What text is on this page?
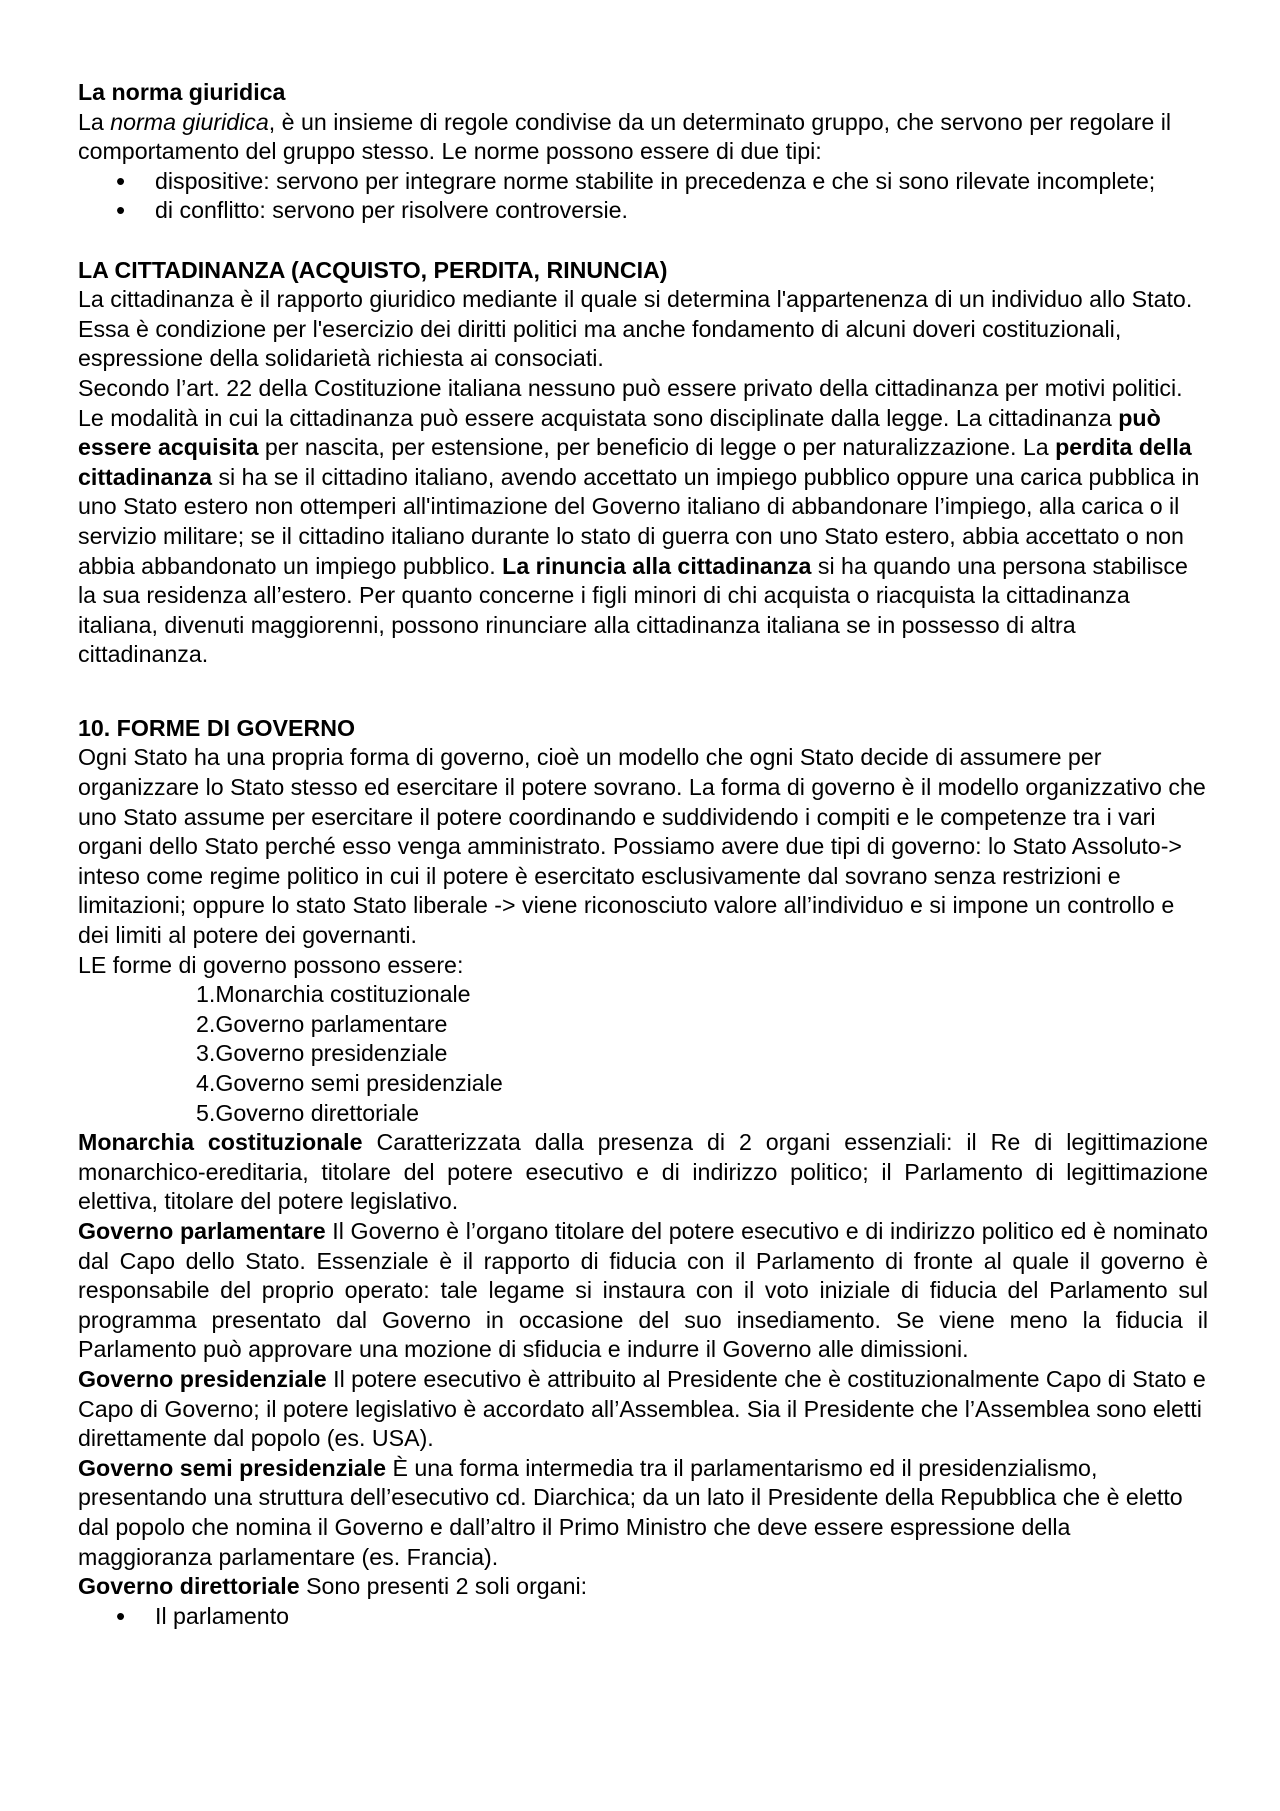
La norma giuridica

La norma giuridica, è un insieme di regole condivise da un determinato gruppo, che servono per regolare il comportamento del gruppo stesso. Le norme possono essere di due tipi:

• dispositive: servono per integrare norme stabilite in precedenza e che si sono rilevate incomplete;
• di conflitto: servono per risolvere controversie.

LA CITTADINANZA (ACQUISTO, PERDITA, RINUNCIA)

La cittadinanza è il rapporto giuridico mediante il quale si determina l'appartenenza di un individuo allo Stato. Essa è condizione per l'esercizio dei diritti politici ma anche fondamento di alcuni doveri costituzionali, espressione della solidarietà richiesta ai consociati.

Secondo l’art. 22 della Costituzione italiana nessuno può essere privato della cittadinanza per motivi politici. Le modalità in cui la cittadinanza può essere acquistata sono disciplinate dalla legge. La cittadinanza può essere acquisita per nascita, per estensione, per beneficio di legge o per naturalizzazione. La perdita della cittadinanza si ha se il cittadino italiano, avendo accettato un impiego pubblico oppure una carica pubblica in uno Stato estero non ottemperi all'intimazione del Governo italiano di abbandonare l’impiego, alla carica o il servizio militare; se il cittadino italiano durante lo stato di guerra con uno Stato estero, abbia accettato o non abbia abbandonato un impiego pubblico. La rinuncia alla cittadinanza si ha quando una persona stabilisce la sua residenza all’estero. Per quanto concerne i figli minori di chi acquista o riacquista la cittadinanza italiana, divenuti maggiorenni, possono rinunciare alla cittadinanza italiana se in possesso di altra cittadinanza.

10. FORME DI GOVERNO

Ogni Stato ha una propria forma di governo, cioè un modello che ogni Stato decide di assumere per organizzare lo Stato stesso ed esercitare il potere sovrano. La forma di governo è il modello organizzativo che uno Stato assume per esercitare il potere coordinando e suddividendo i compiti e le competenze tra i vari organi dello Stato perché esso venga amministrato. Possiamo avere due tipi di governo: lo Stato Assoluto-> inteso come regime politico in cui il potere è esercitato esclusivamente dal sovrano senza restrizioni e limitazioni; oppure lo stato Stato liberale -> viene riconosciuto valore all’individuo e si impone un controllo e dei limiti al potere dei governanti.

LE forme di governo possono essere:

1.Monarchia costituzionale
2.Governo parlamentare
3.Governo presidenziale
4.Governo semi presidenziale
5.Governo direttoriale

Monarchia costituzionale Caratterizzata dalla presenza di 2 organi essenziali: il Re di legittimazione monarchico-ereditaria, titolare del potere esecutivo e di indirizzo politico; il Parlamento di legittimazione elettiva, titolare del potere legislativo.

Governo parlamentare Il Governo è l’organo titolare del potere esecutivo e di indirizzo politico ed è nominato dal Capo dello Stato. Essenziale è il rapporto di fiducia con il Parlamento di fronte al quale il governo è responsabile del proprio operato: tale legame si instaura con il voto iniziale di fiducia del Parlamento sul programma presentato dal Governo in occasione del suo insediamento. Se viene meno la fiducia il Parlamento può approvare una mozione di sfiducia e indurre il Governo alle dimissioni.

Governo presidenziale Il potere esecutivo è attribuito al Presidente che è costituzionalmente Capo di Stato e Capo di Governo; il potere legislativo è accordato all’Assemblea. Sia il Presidente che l’Assemblea sono eletti direttamente dal popolo (es. USA).

Governo semi presidenziale È una forma intermedia tra il parlamentarismo ed il presidenzialismo, presentando una struttura dell’esecutivo cd. Diarchica; da un lato il Presidente della Repubblica che è eletto dal popolo che nomina il Governo e dall’altro il Primo Ministro che deve essere espressione della maggioranza parlamentare (es. Francia).

Governo direttoriale Sono presenti 2 soli organi:

• Il parlamento
